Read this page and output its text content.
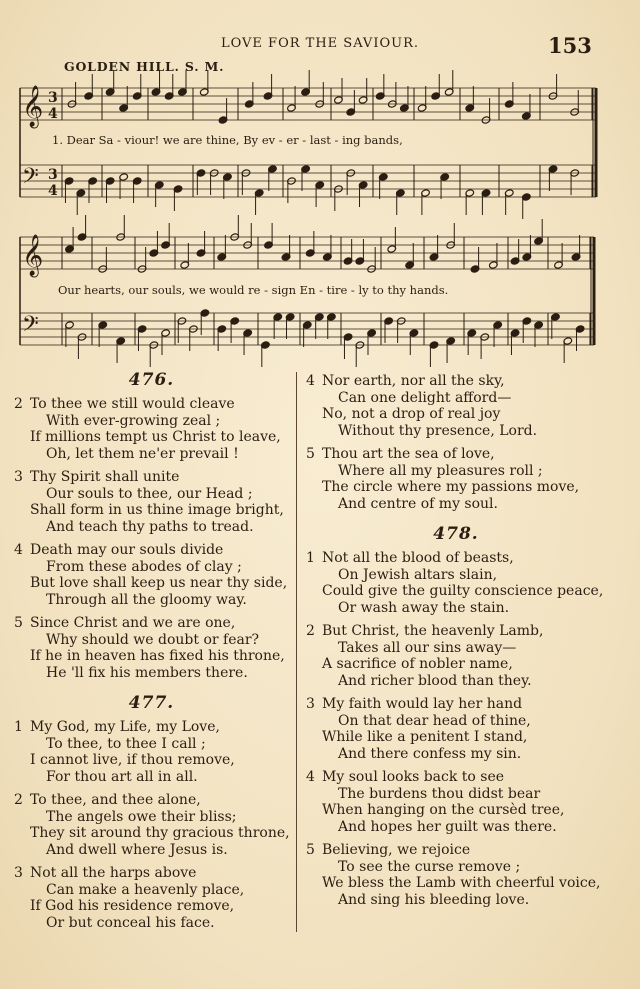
LOVE FOR THE SAVIOUR.	153
GOLDEN HILL. S. M.
𝄞
𝄢
𝄞
𝄢
3
4
3
4
1. Dear Sa - viour! we are thine, By ev - er - last - ing bands,
Our hearts, our souls, we would re - sign En - tire - ly to thy hands.
476.
2 To thee we still would cleave
With ever-growing zeal ;
If millions tempt us Christ to leave,
Oh, let them ne'er prevail !
3 Thy Spirit shall unite
Our souls to thee, our Head ;
Shall form in us thine image bright,
And teach thy paths to tread.
4 Death may our souls divide
From these abodes of clay ;
But love shall keep us near thy side,
Through all the gloomy way.
5 Since Christ and we are one,
Why should we doubt or fear?
If he in heaven has fixed his throne,
He 'll fix his members there.
477.
1 My God, my Life, my Love,
To thee, to thee I call ;
I cannot live, if thou remove,
For thou art all in all.
2 To thee, and thee alone,
The angels owe their bliss;
They sit around thy gracious throne,
And dwell where Jesus is.
3 Not all the harps above
Can make a heavenly place,
If God his residence remove,
Or but conceal his face.
4 Nor earth, nor all the sky,
Can one delight afford—
No, not a drop of real joy
Without thy presence, Lord.
5 Thou art the sea of love,
Where all my pleasures roll ;
The circle where my passions move,
And centre of my soul.
478.
1 Not all the blood of beasts,
On Jewish altars slain,
Could give the guilty conscience peace,
Or wash away the stain.
2 But Christ, the heavenly Lamb,
Takes all our sins away—
A sacrifice of nobler name,
And richer blood than they.
3 My faith would lay her hand
On that dear head of thine,
While like a penitent I stand,
And there confess my sin.
4 My soul looks back to see
The burdens thou didst bear
When hanging on the cursèd tree,
And hopes her guilt was there.
5 Believing, we rejoice
To see the curse remove ;
We bless the Lamb with cheerful voice,
And sing his bleeding love.
